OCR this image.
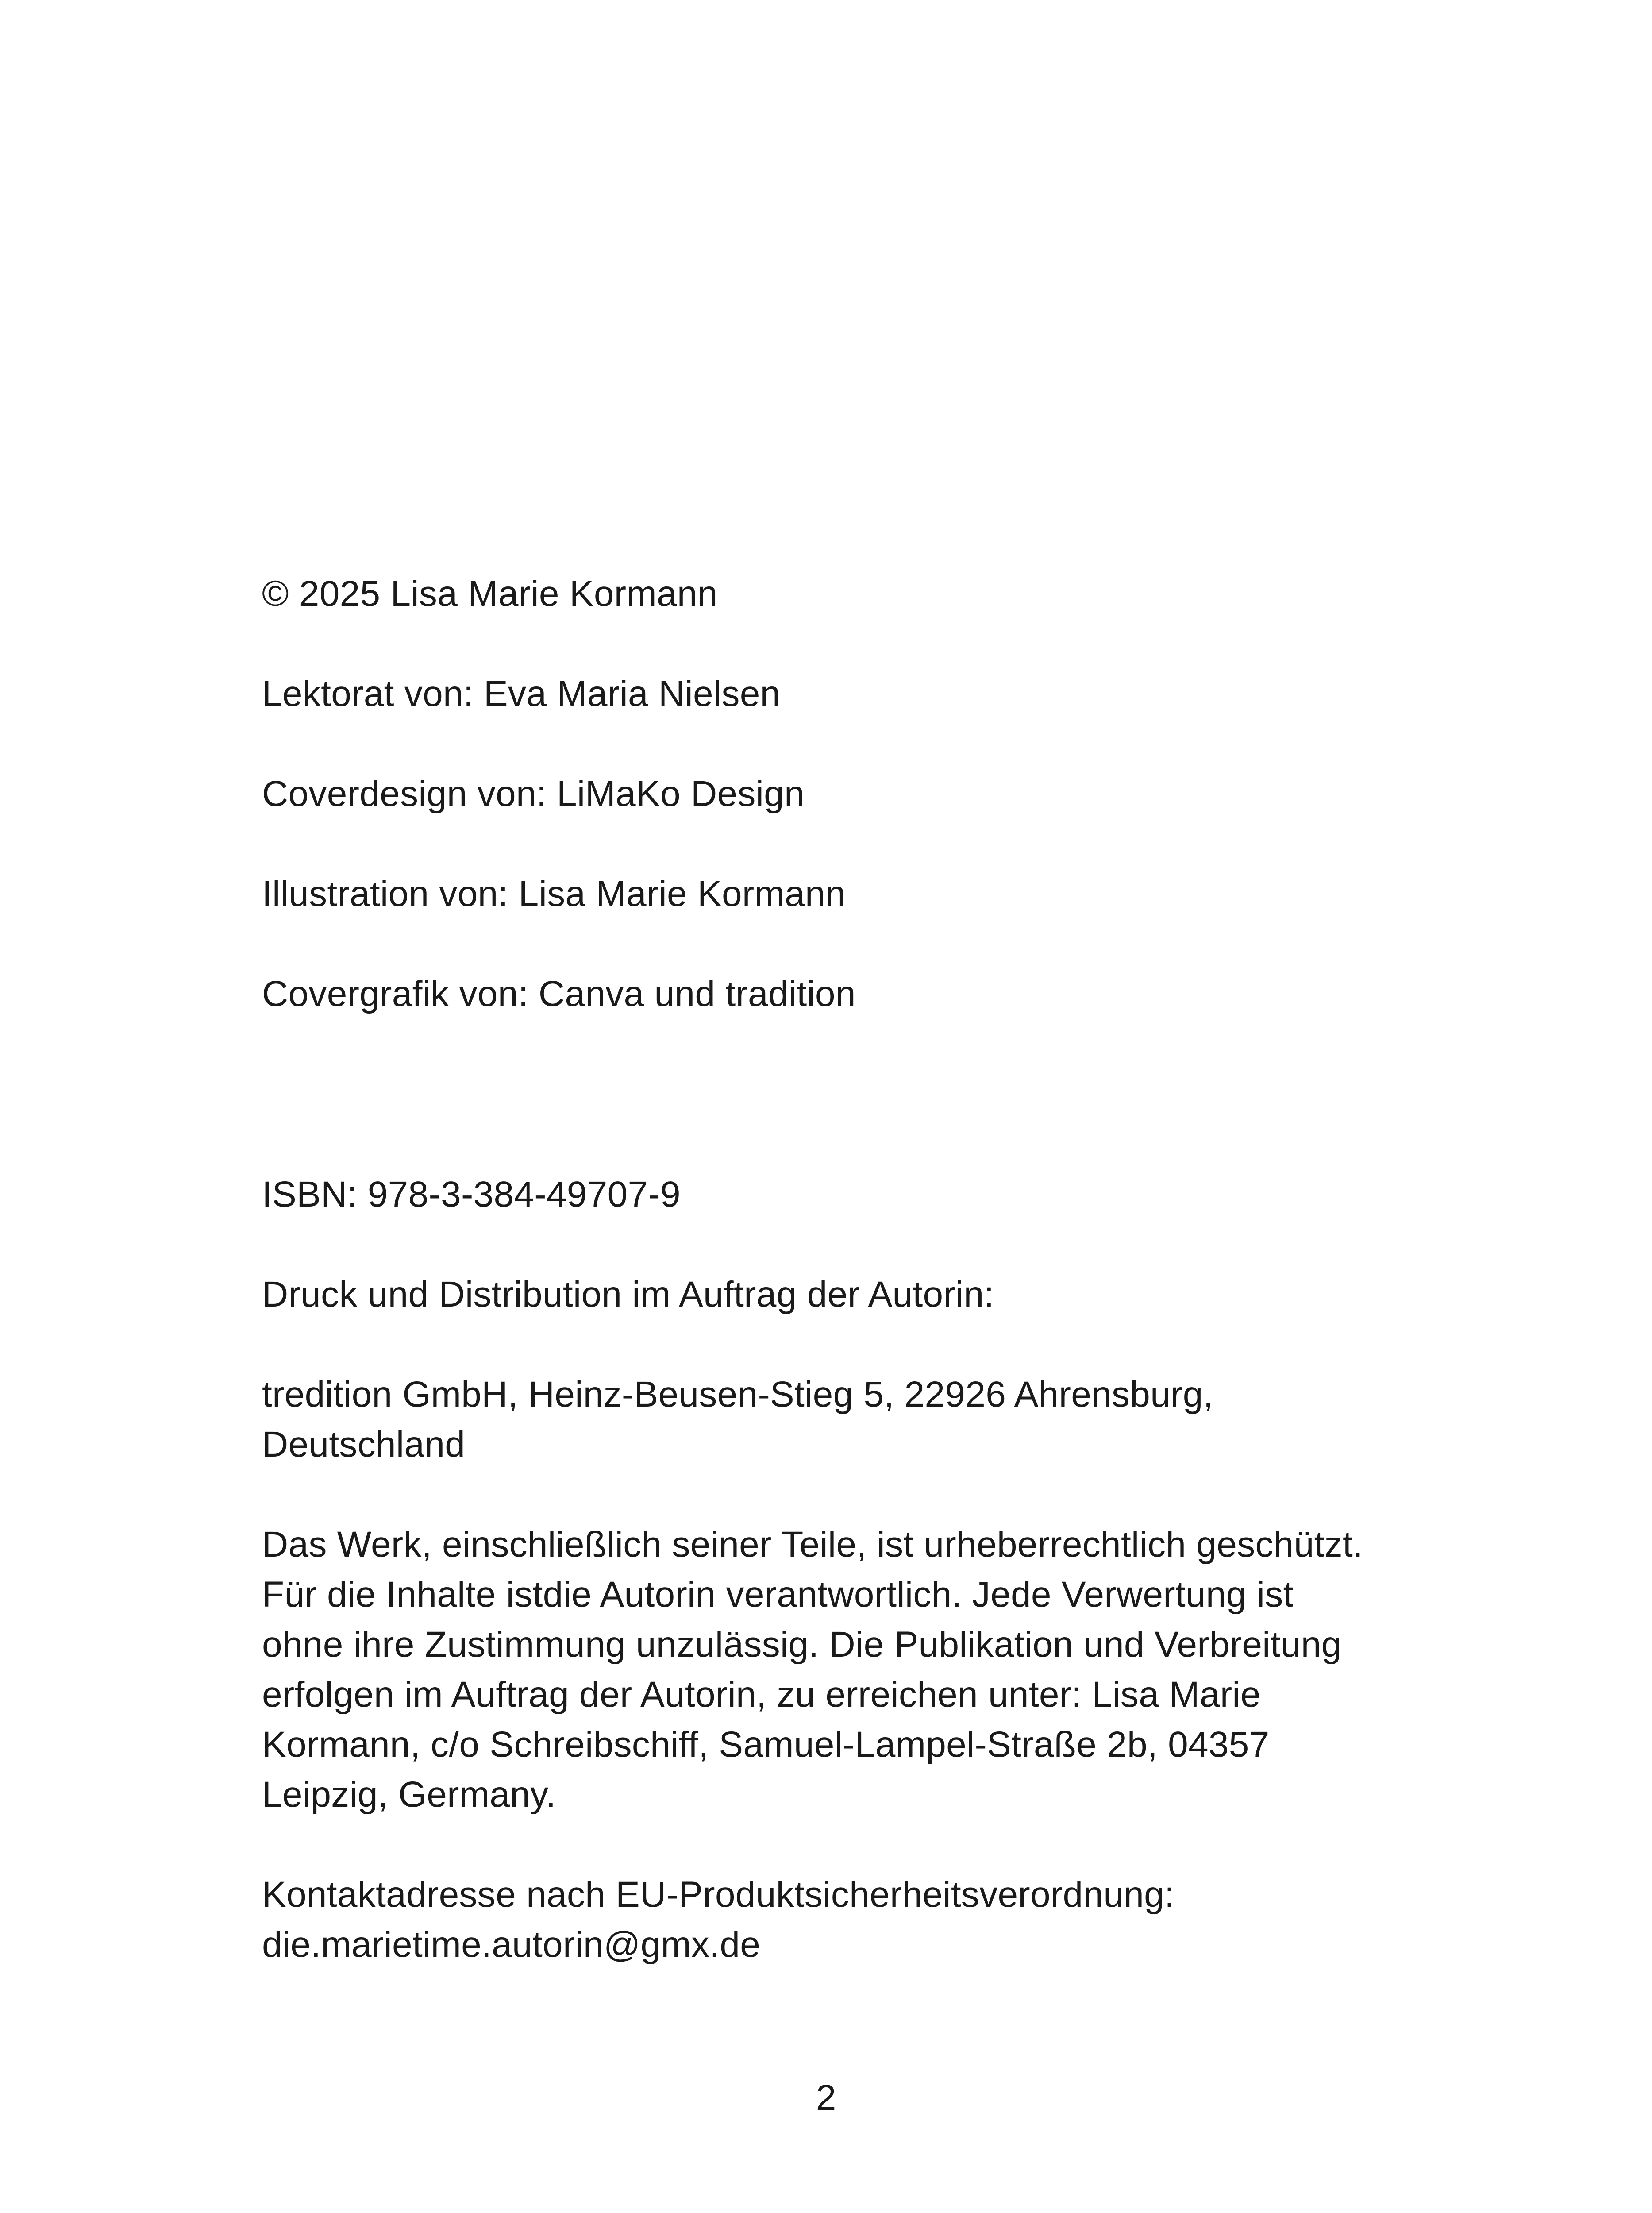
© 2025 Lisa Marie Kormann
Lektorat von: Eva Maria Nielsen
Coverdesign von: LiMaKo Design
Illustration von: Lisa Marie Kormann
Covergrafik von: Canva und tradition
ISBN: 978-3-384-49707-9
Druck und Distribution im Auftrag der Autorin:
tredition GmbH, Heinz-Beusen-Stieg 5, 22926 Ahrensburg,
Deutschland
Das Werk, einschließlich seiner Teile, ist urheberrechtlich geschützt.
Für die Inhalte istdie Autorin verantwortlich. Jede Verwertung ist
ohne ihre Zustimmung unzulässig. Die Publikation und Verbreitung
erfolgen im Auftrag der Autorin, zu erreichen unter: Lisa Marie
Kormann, c/o Schreibschiff, Samuel-Lampel-Straße 2b, 04357
Leipzig, Germany.
Kontaktadresse nach EU-Produktsicherheitsverordnung:
die.marietime.autorin@gmx.de
2
